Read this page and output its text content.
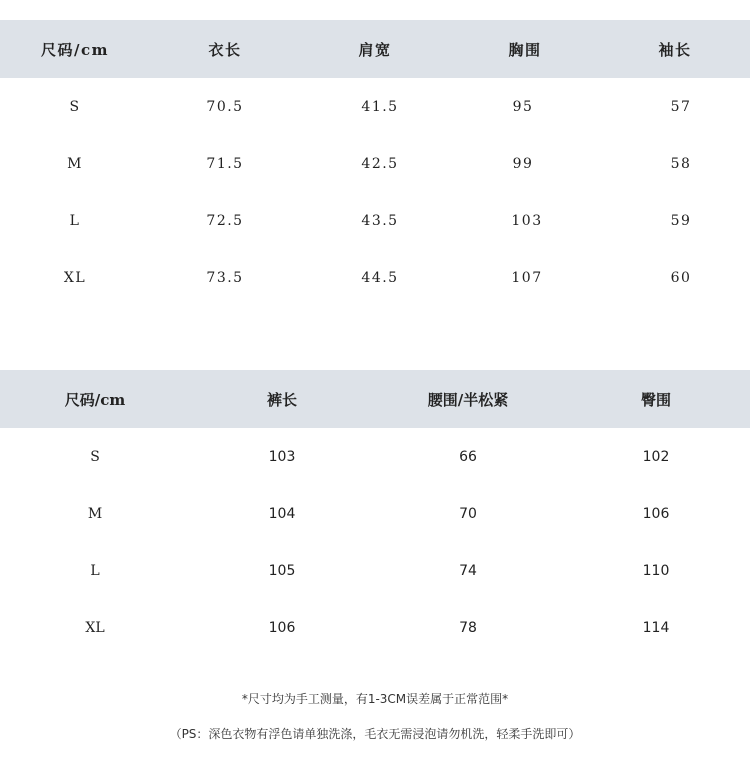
尺码/cm	衣长	肩宽	胸围	袖长
S	70.5	41.5	95	57
M	71.5	42.5	99	58
L	72.5	43.5	103	59
XL	73.5	44.5	107	60
尺码/cm	裤长	腰围/半松紧	臀围
S	103	66	102
M	104	70	106
L	105	74	110
XL	106	78	114
*尺寸均为手工测量，有1-3CM误差属于正常范围*
（PS：深色衣物有浮色请单独洗涤，毛衣无需浸泡请勿机洗，轻柔手洗即可）
